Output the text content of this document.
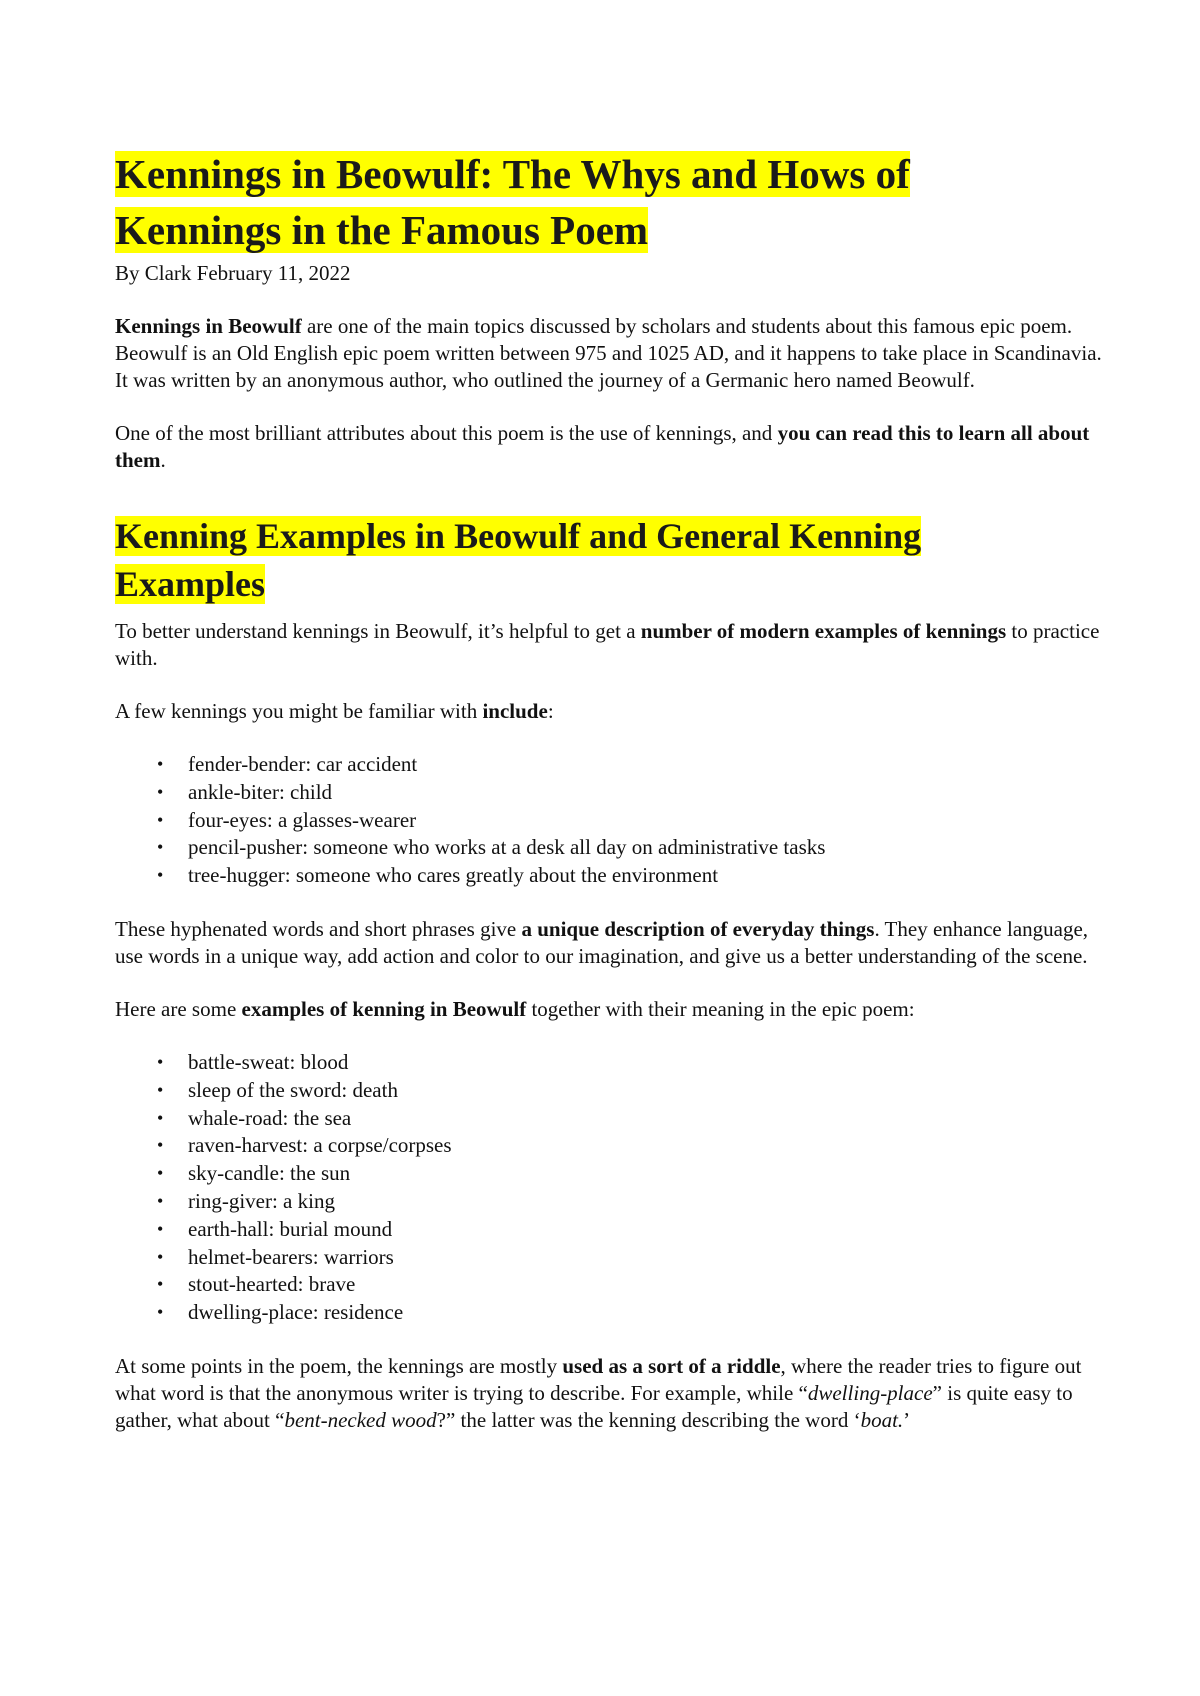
Kennings in Beowulf: The Whys and Hows of
Kennings in the Famous Poem

By Clark February 11, 2022

Kennings in Beowulf are one of the main topics discussed by scholars and students about this famous epic poem. Beowulf is an Old English epic poem written between 975 and 1025 AD, and it happens to take place in Scandinavia. It was written by an anonymous author, who outlined the journey of a Germanic hero named Beowulf.

One of the most brilliant attributes about this poem is the use of kennings, and you can read this to learn all about them.

Kenning Examples in Beowulf and General Kenning
Examples

To better understand kennings in Beowulf, it’s helpful to get a number of modern examples of kennings to practice with.

A few kennings you might be familiar with include:

• fender-bender: car accident
• ankle-biter: child
• four-eyes: a glasses-wearer
• pencil-pusher: someone who works at a desk all day on administrative tasks
• tree-hugger: someone who cares greatly about the environment

These hyphenated words and short phrases give a unique description of everyday things. They enhance language, use words in a unique way, add action and color to our imagination, and give us a better understanding of the scene.

Here are some examples of kenning in Beowulf together with their meaning in the epic poem:

• battle-sweat: blood
• sleep of the sword: death
• whale-road: the sea
• raven-harvest: a corpse/corpses
• sky-candle: the sun
• ring-giver: a king
• earth-hall: burial mound
• helmet-bearers: warriors
• stout-hearted: brave
• dwelling-place: residence

At some points in the poem, the kennings are mostly used as a sort of a riddle, where the reader tries to figure out what word is that the anonymous writer is trying to describe. For example, while “dwelling-place” is quite easy to gather, what about “bent-necked wood?” the latter was the kenning describing the word ‘boat.’
